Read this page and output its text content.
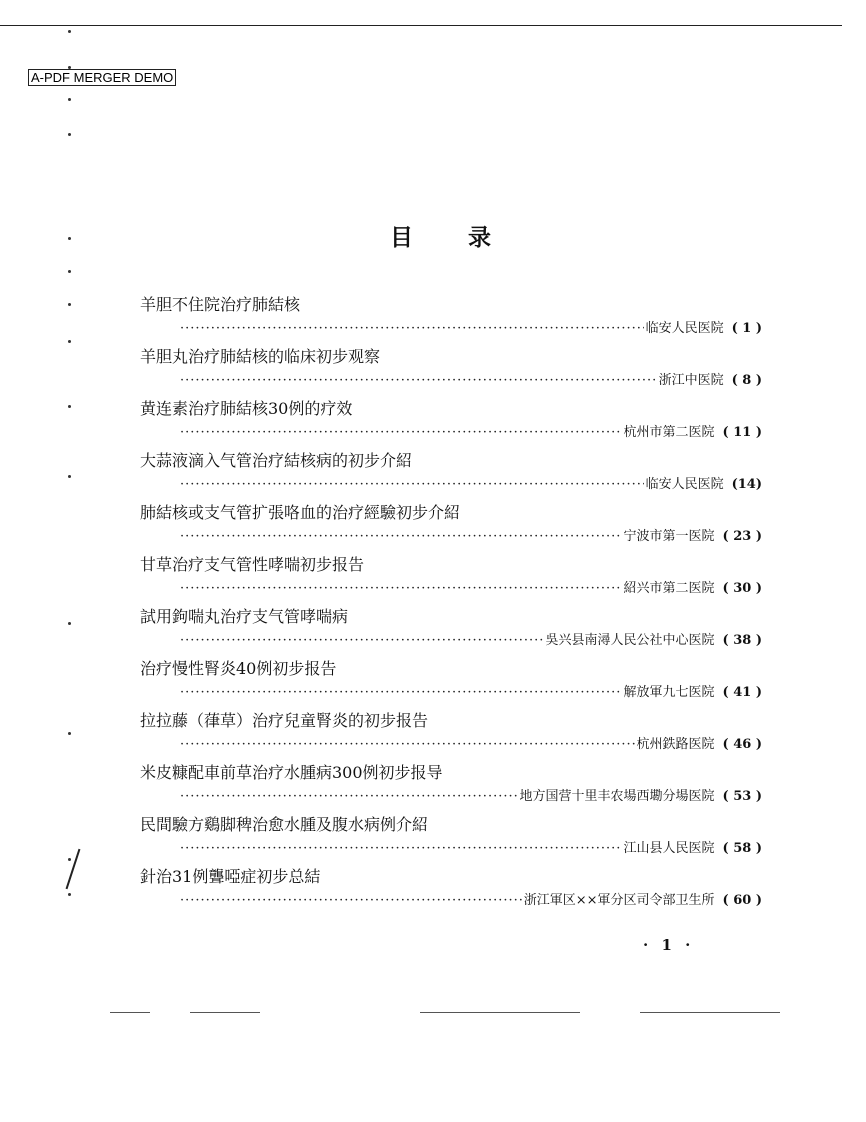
A-PDF MERGER DEMO
目录
羊胆不住院治疗肺結核
·····
临安人民医院 ( 1 )
羊胆丸治疗肺結核的临床初步观察
·····
浙江中医院 ( 8 )
黄连素治疗肺結核30例的疗效
·····
杭州市第二医院 ( 11 )
大蒜液滴入气管治疗結核病的初步介紹
·····
临安人民医院 (14)
肺結核或支气管扩張咯血的治疗經驗初步介紹
·····
宁波市第一医院 ( 23 )
甘草治疗支气管性哮喘初步报告
·····
紹兴市第二医院 ( 30 )
試用鉤喘丸治疗支气管哮喘病
·····
吳兴县南潯人民公社中心医院 ( 38 )
治疗慢性腎炎40例初步报告
·····
解放軍九七医院 ( 41 )
拉拉藤（葎草）治疗兒童腎炎的初步报告
·····
杭州鉄路医院 ( 46 )
米皮糠配車前草治疗水腫病300例初步报导
·····
地方国营十里丰农場西墈分場医院 ( 53 )
民間驗方鷄脚稗治愈水腫及腹水病例介紹
·····
江山县人民医院 ( 58 )
針治31例聾啞症初步总結
·····
浙江軍区××軍分区司令部卫生所 ( 60 )
· 1 ·
